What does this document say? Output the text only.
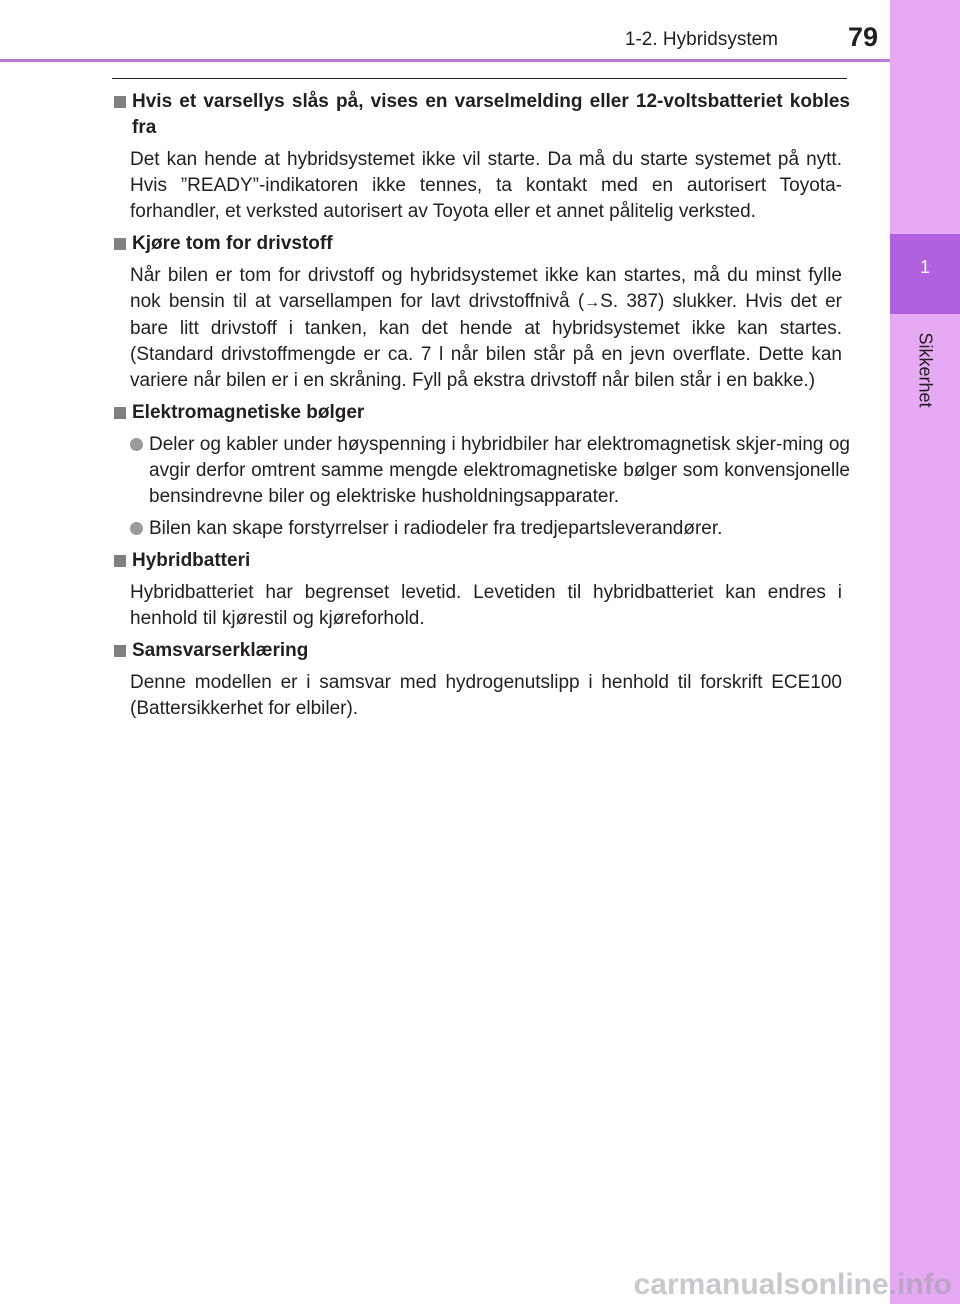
1-2. Hybridsystem	79
1
Sikkerhet
Hvis et varsellys slås på, vises en varselmelding eller 12-voltsbatteriet kobles fra
Det kan hende at hybridsystemet ikke vil starte. Da må du starte systemet på nytt. Hvis ”READY”-indikatoren ikke tennes, ta kontakt med en autorisert Toyota-forhandler, et verksted autorisert av Toyota eller et annet pålitelig verksted.
Kjøre tom for drivstoff
Når bilen er tom for drivstoff og hybridsystemet ikke kan startes, må du minst fylle nok bensin til at varsellampen for lavt drivstoffnivå (→S. 387) slukker. Hvis det er bare litt drivstoff i tanken, kan det hende at hybridsystemet ikke kan startes. (Standard drivstoffmengde er ca. 7 l når bilen står på en jevn overflate. Dette kan variere når bilen er i en skråning. Fyll på ekstra drivstoff når bilen står i en bakke.)
Elektromagnetiske bølger
Deler og kabler under høyspenning i hybridbiler har elektromagnetisk skjer-ming og avgir derfor omtrent samme mengde elektromagnetiske bølger som konvensjonelle bensindrevne biler og elektriske husholdningsapparater.
Bilen kan skape forstyrrelser i radiodeler fra tredjepartsleverandører.
Hybridbatteri
Hybridbatteriet har begrenset levetid. Levetiden til hybridbatteriet kan endres i henhold til kjørestil og kjøreforhold.
Samsvarserklæring
Denne modellen er i samsvar med hydrogenutslipp i henhold til forskrift ECE100 (Battersikkerhet for elbiler).
carmanualsonline.info
